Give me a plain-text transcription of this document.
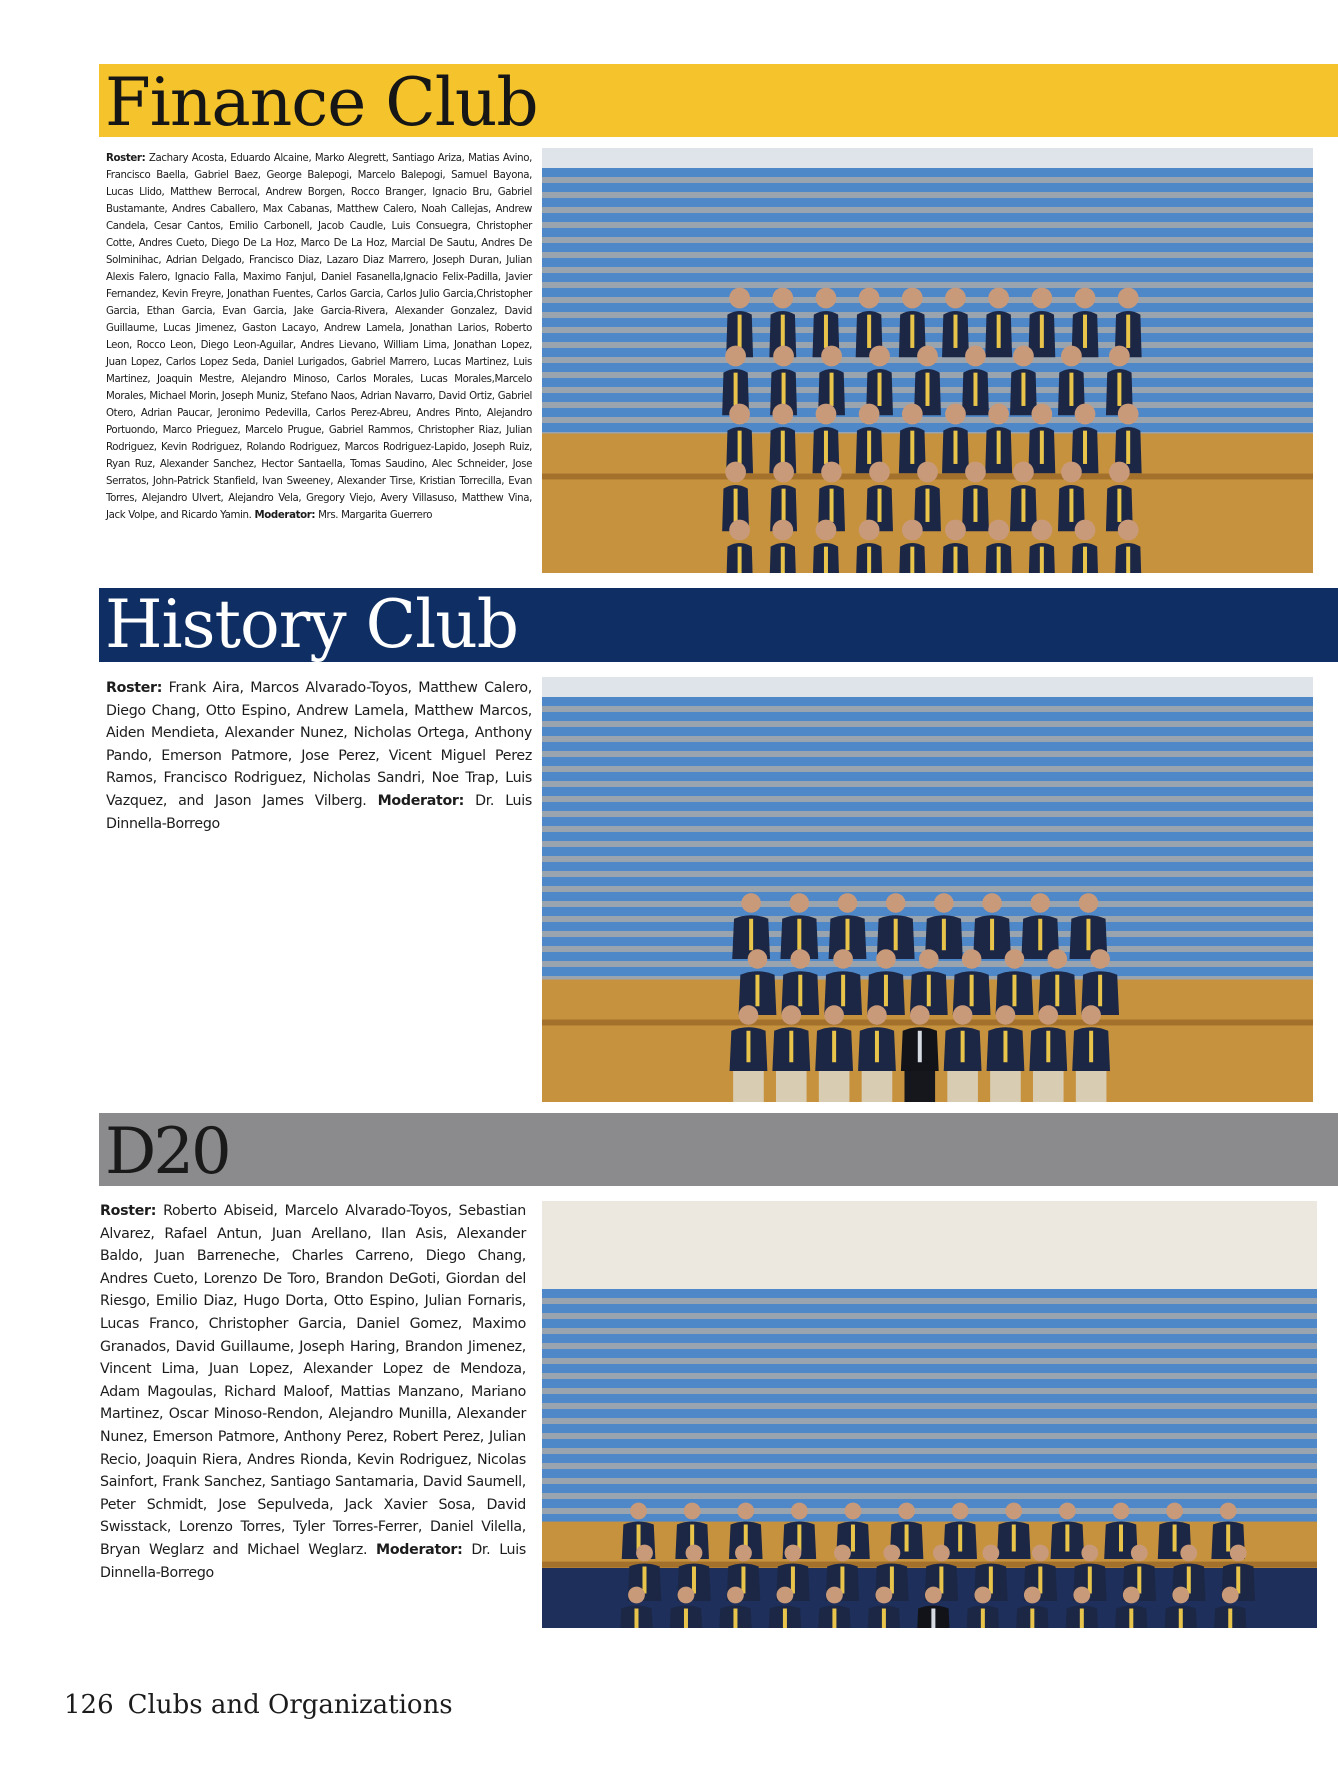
Finance Club

Roster: Zachary Acosta, Eduardo Alcaine, Marko Alegrett, Santiago Ariza, Matias Avino, Francisco Baella, Gabriel Baez, George Balepogi, Marcelo Balepogi, Samuel Bayona, Lucas Llido, Matthew Berrocal, Andrew Borgen, Rocco Branger, Ignacio Bru, Gabriel Bustamante, Andres Caballero, Max Cabanas, Matthew Calero, Noah Callejas, Andrew Candela, Cesar Cantos, Emilio Carbonell, Jacob Caudle, Luis Consuegra, Christopher Cotte, Andres Cueto, Diego De La Hoz, Marco De La Hoz, Marcial De Sautu, Andres De Solminihac, Adrian Delgado, Francisco Diaz, Lazaro Diaz Marrero, Joseph Duran, Julian Alexis Falero, Ignacio Falla, Maximo Fanjul, Daniel Fasanella,Ignacio Felix-Padilla, Javier Fernandez, Kevin Freyre, Jonathan Fuentes, Carlos Garcia, Carlos Julio Garcia,Christopher Garcia, Ethan Garcia, Evan Garcia, Jake Garcia-Rivera, Alexander Gonzalez, David Guillaume, Lucas Jimenez, Gaston Lacayo, Andrew Lamela, Jonathan Larios, Roberto Leon, Rocco Leon, Diego Leon-Aguilar, Andres Lievano, William Lima, Jonathan Lopez, Juan Lopez, Carlos Lopez Seda, Daniel Lurigados, Gabriel Marrero, Lucas Martinez, Luis Martinez, Joaquin Mestre, Alejandro Minoso, Carlos Morales, Lucas Morales,Marcelo Morales, Michael Morin, Joseph Muniz, Stefano Naos, Adrian Navarro, David Ortiz, Gabriel Otero, Adrian Paucar, Jeronimo Pedevilla, Carlos Perez-Abreu, Andres Pinto, Alejandro Portuondo, Marco Prieguez, Marcelo Prugue, Gabriel Rammos, Christopher Riaz, Julian Rodriguez, Kevin Rodriguez, Rolando Rodriguez, Marcos Rodriguez-Lapido, Joseph Ruiz, Ryan Ruz, Alexander Sanchez, Hector Santaella, Tomas Saudino, Alec Schneider, Jose Serratos, John-Patrick Stanfield, Ivan Sweeney, Alexander Tirse, Kristian Torrecilla, Evan Torres, Alejandro Ulvert, Alejandro Vela, Gregory Viejo, Avery Villasuso, Matthew Vina, Jack Volpe, and Ricardo Yamin. Moderator: Mrs. Margarita Guerrero

History Club

Roster: Frank Aira, Marcos Alvarado-Toyos, Matthew Calero, Diego Chang, Otto Espino, Andrew Lamela, Matthew Marcos, Aiden Mendieta, Alexander Nunez, Nicholas Ortega, Anthony Pando, Emerson Patmore, Jose Perez, Vicent Miguel Perez Ramos, Francisco Rodriguez, Nicholas Sandri, Noe Trap, Luis Vazquez, and Jason James Vilberg. Moderator: Dr. Luis Dinnella-Borrego

D20

Roster: Roberto Abiseid, Marcelo Alvarado-Toyos, Sebastian Alvarez, Rafael Antun, Juan Arellano, Ilan Asis, Alexander Baldo, Juan Barreneche, Charles Carreno, Diego Chang, Andres Cueto, Lorenzo De Toro, Brandon DeGoti, Giordan del Riesgo, Emilio Diaz, Hugo Dorta, Otto Espino, Julian Fornaris, Lucas Franco, Christopher Garcia, Daniel Gomez, Maximo Granados, David Guillaume, Joseph Haring, Brandon Jimenez, Vincent Lima, Juan Lopez, Alexander Lopez de Mendoza, Adam Magoulas, Richard Maloof, Mattias Manzano, Mariano Martinez, Oscar Minoso-Rendon, Alejandro Munilla, Alexander Nunez, Emerson Patmore, Anthony Perez, Robert Perez, Julian Recio, Joaquin Riera, Andres Rionda, Kevin Rodriguez, Nicolas Sainfort, Frank Sanchez, Santiago Santamaria, David Saumell, Peter Schmidt, Jose Sepulveda, Jack Xavier Sosa, David Swisstack, Lorenzo Torres, Tyler Torres-Ferrer, Daniel Vilella, Bryan Weglarz and Michael Weglarz. Moderator: Dr. Luis Dinnella-Borrego

126 Clubs and Organizations
